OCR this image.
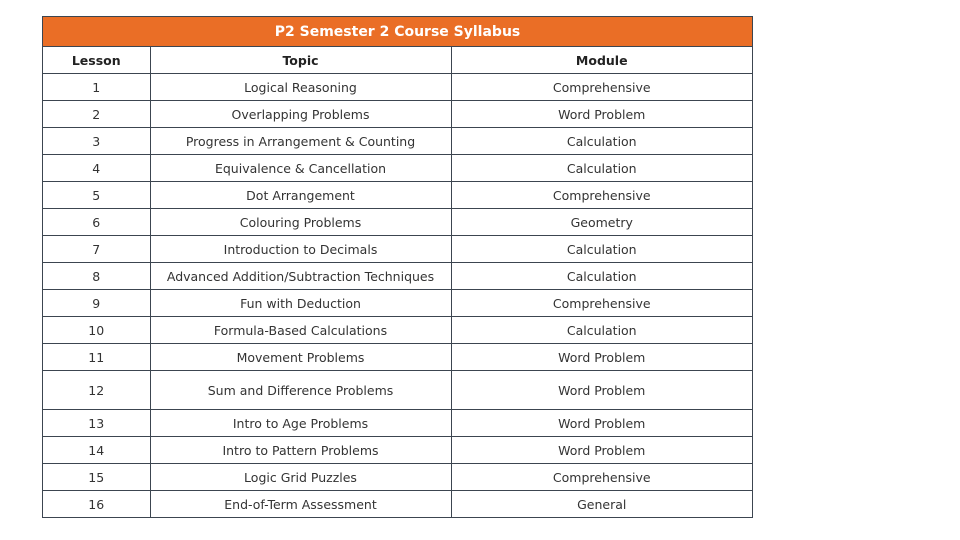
P2 Semester 2 Course Syllabus
Lesson	Topic	Module
1	Logical Reasoning	Comprehensive
2	Overlapping Problems	Word Problem
3	Progress in Arrangement & Counting	Calculation
4	Equivalence & Cancellation	Calculation
5	Dot Arrangement	Comprehensive
6	Colouring Problems	Geometry
7	Introduction to Decimals	Calculation
8	Advanced Addition/Subtraction Techniques	Calculation
9	Fun with Deduction	Comprehensive
10	Formula-Based Calculations	Calculation
11	Movement Problems	Word Problem
12	Sum and Difference Problems	Word Problem
13	Intro to Age Problems	Word Problem
14	Intro to Pattern Problems	Word Problem
15	Logic Grid Puzzles	Comprehensive
16	End-of-Term Assessment	General
